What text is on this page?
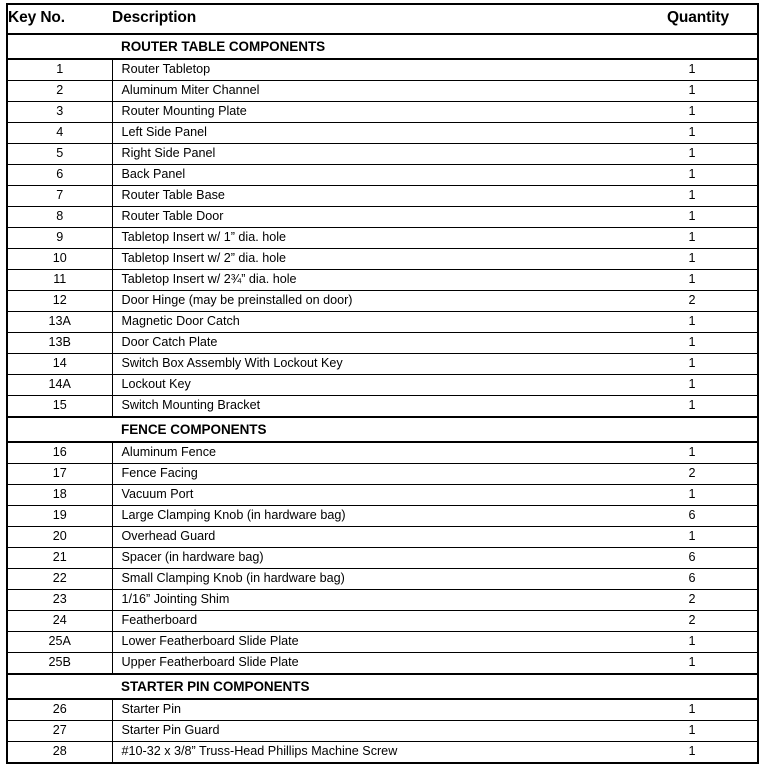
Key No.	Description	Quantity
	ROUTER TABLE COMPONENTS	
1	Router Tabletop	1
2	Aluminum Miter Channel	1
3	Router Mounting Plate	1
4	Left Side Panel	1
5	Right Side Panel	1
6	Back Panel	1
7	Router Table Base	1
8	Router Table Door	1
9	Tabletop Insert w/ 1” dia. hole	1
10	Tabletop Insert w/ 2” dia. hole	1
11	Tabletop Insert w/ 2¾” dia. hole	1
12	Door Hinge (may be preinstalled on door)	2
13A	Magnetic Door Catch	1
13B	Door Catch Plate	1
14	Switch Box Assembly With Lockout Key	1
14A	Lockout Key	1
15	Switch Mounting Bracket	1
	FENCE COMPONENTS	
16	Aluminum Fence	1
17	Fence Facing	2
18	Vacuum Port	1
19	Large Clamping Knob (in hardware bag)	6
20	Overhead Guard	1
21	Spacer (in hardware bag)	6
22	Small Clamping Knob (in hardware bag)	6
23	1/16” Jointing Shim	2
24	Featherboard	2
25A	Lower Featherboard Slide Plate	1
25B	Upper Featherboard Slide Plate	1
	STARTER PIN COMPONENTS	
26	Starter Pin	1
27	Starter Pin Guard	1
28	#10-32 x 3/8” Truss-Head Phillips Machine Screw	1
